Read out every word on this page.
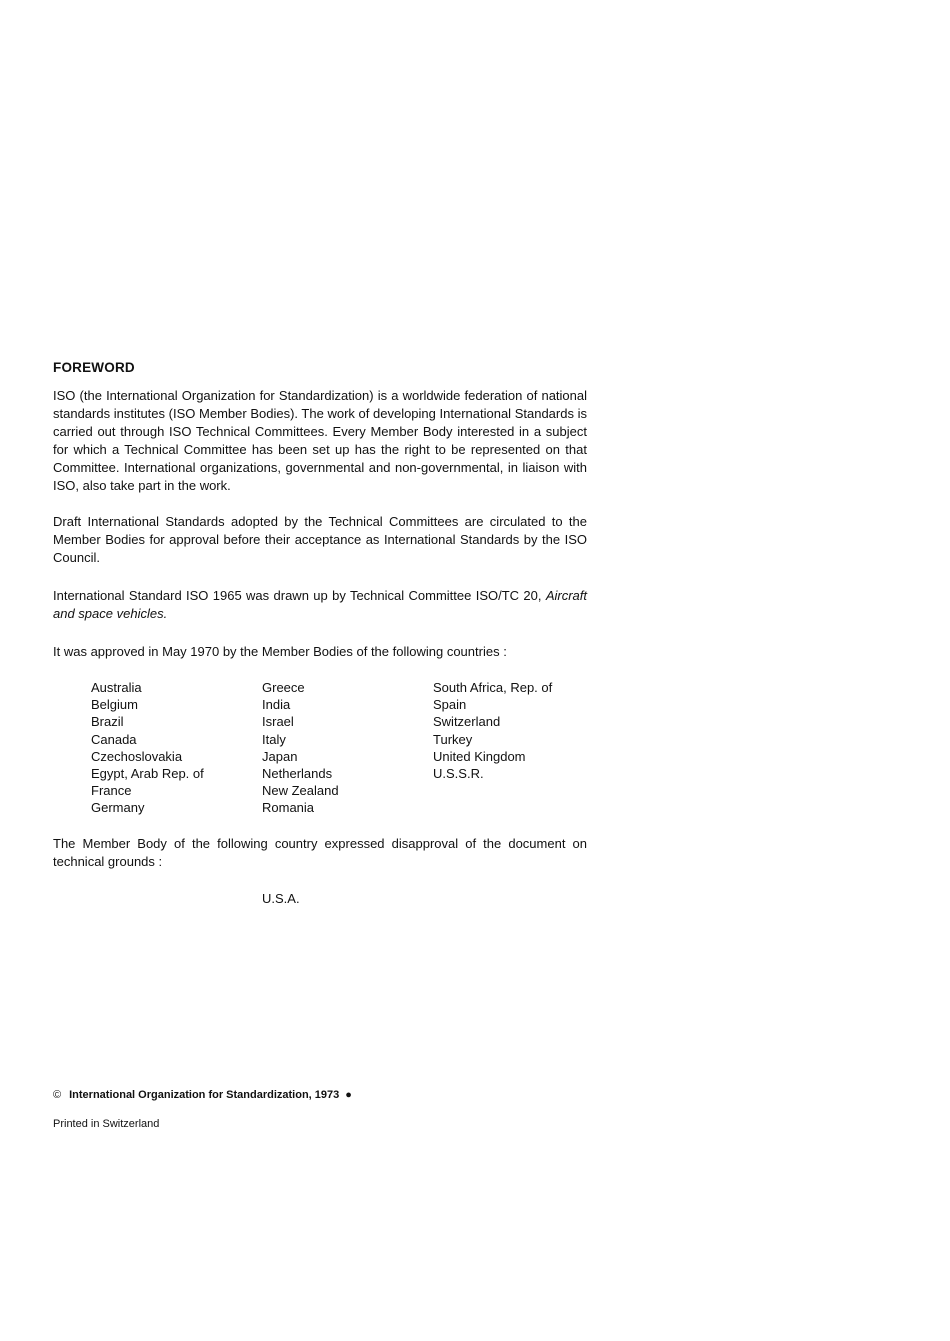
FOREWORD

ISO (the International Organization for Standardization) is a worldwide federation of national standards institutes (ISO Member Bodies). The work of developing International Standards is carried out through ISO Technical Committees. Every Member Body interested in a subject for which a Technical Committee has been set up has the right to be represented on that Committee. International organizations, governmental and non-governmental, in liaison with ISO, also take part in the work.

Draft International Standards adopted by the Technical Committees are circulated to the Member Bodies for approval before their acceptance as International Standards by the ISO Council.

International Standard ISO 1965 was drawn up by Technical Committee ISO/TC 20, Aircraft and space vehicles.

It was approved in May 1970 by the Member Bodies of the following countries :

Australia
Belgium
Brazil
Canada
Czechoslovakia
Egypt, Arab Rep. of
France
Germany
Greece
India
Israel
Italy
Japan
Netherlands
New Zealand
Romania
South Africa, Rep. of
Spain
Switzerland
Turkey
United Kingdom
U.S.S.R.

The Member Body of the following country expressed disapproval of the document on technical grounds :

U.S.A.
© International Organization for Standardization, 1973 ●
Printed in Switzerland
